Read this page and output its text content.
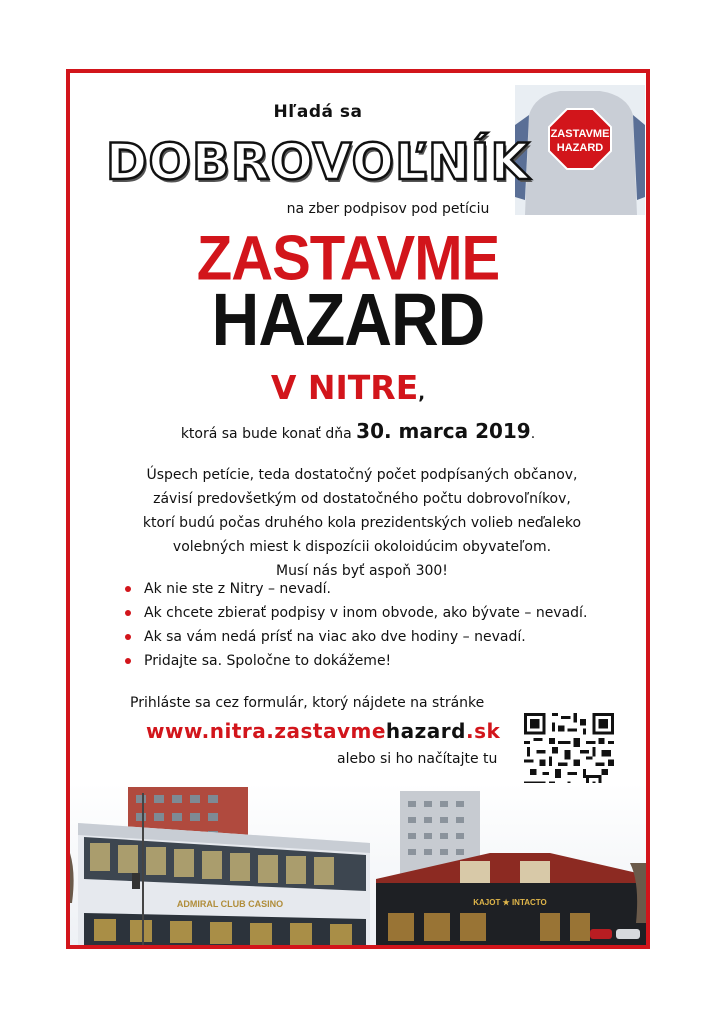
ZASTAVME
HAZARD
Hľadá sa
DOBROVOĽNÍK
na zber podpisov pod petíciu
ZASTAVME
HAZARD
V NITRE,
ktorá sa bude konať dňa 30. marca 2019.
Úspech petície, teda dostatočný počet podpísaných občanov,
závisí predovšetkým od dostatočného počtu dobrovoľníkov,
ktorí budú počas druhého kola prezidentských volieb neďaleko
volebných miest k dispozícii okoloidúcim obyvateľom.
Musí nás byť aspoň 300!
Ak nie ste z Nitry – nevadí.
Ak chcete zbierať podpisy v inom obvode, ako bývate – nevadí.
Ak sa vám nedá prísť na viac ako dve hodiny – nevadí.
Pridajte sa. Spoločne to dokážeme!
Prihláste sa cez formulár, ktorý nájdete na stránke
www.nitra.zastavmehazard.sk
alebo si ho načítajte tu
ADMIRAL CLUB CASINO	KAJOT ★ INTACTO
